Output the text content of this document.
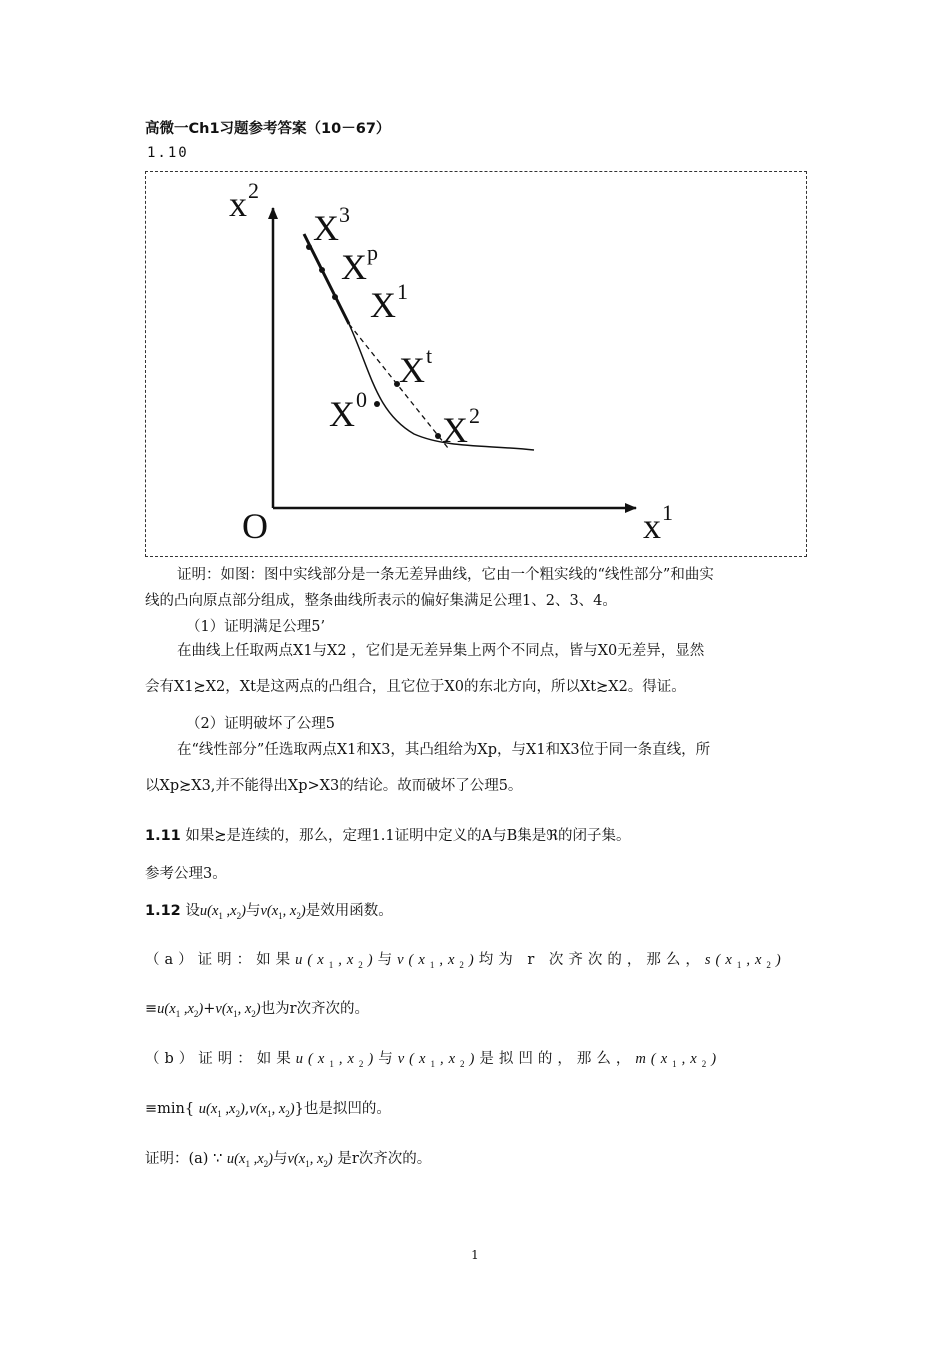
高微一Ch1习题参考答案（10－67）
1.10
x 2
x 1
O
X 3
X p
X 1
X t
X 0
X 2
证明：如图：图中实线部分是一条无差异曲线，它由一个粗实线的“线性部分”和曲实
线的凸向原点部分组成，整条曲线所表示的偏好集满足公理1、2、3、4。
（1）证明满足公理5’
在曲线上任取两点X1与X2 ，它们是无差异集上两个不同点，皆与X0无差异，显然
会有X1≿X2，Xt是这两点的凸组合，且它位于X0的东北方向，所以Xt≿X2。得证。
（2）证明破坏了公理5
在“线性部分”任选取两点X1和X3，其凸组给为Xp，与X1和X3位于同一条直线，所
以Xp≿X3,并不能得出Xp>X3的结论。故而破坏了公理5。
1.11 如果≿是连续的，那么，定理1.1证明中定义的A与B集是ℜ的闭子集。
参考公理3。
1.12 设$u(x_1$ $,x_2$)与$v(x_1$, $x_2$)是效用函数。
（a）证明：如果$u(x_1,x_2)$与$v(x_1,x_2)$均为 r 次齐次的，那么，$s(x_1,x_2)$
$\equiv u(x_1$ $,x_2)+v(x_1$, $x_2$)也为r次齐次的。
（b）证明：如果$u(x_1,x_2)$与$v(x_1,x_2)$是拟凹的，那么，$m(x_1,x_2)$
≡min{ $u(x_1$ $,x_2),v(x_1$, $x_2$)}也是拟凹的。
证明：(a) ∵ $u(x_1$ $,x_2$)与$v(x_1$, $x_2$) 是r次齐次的。
1
